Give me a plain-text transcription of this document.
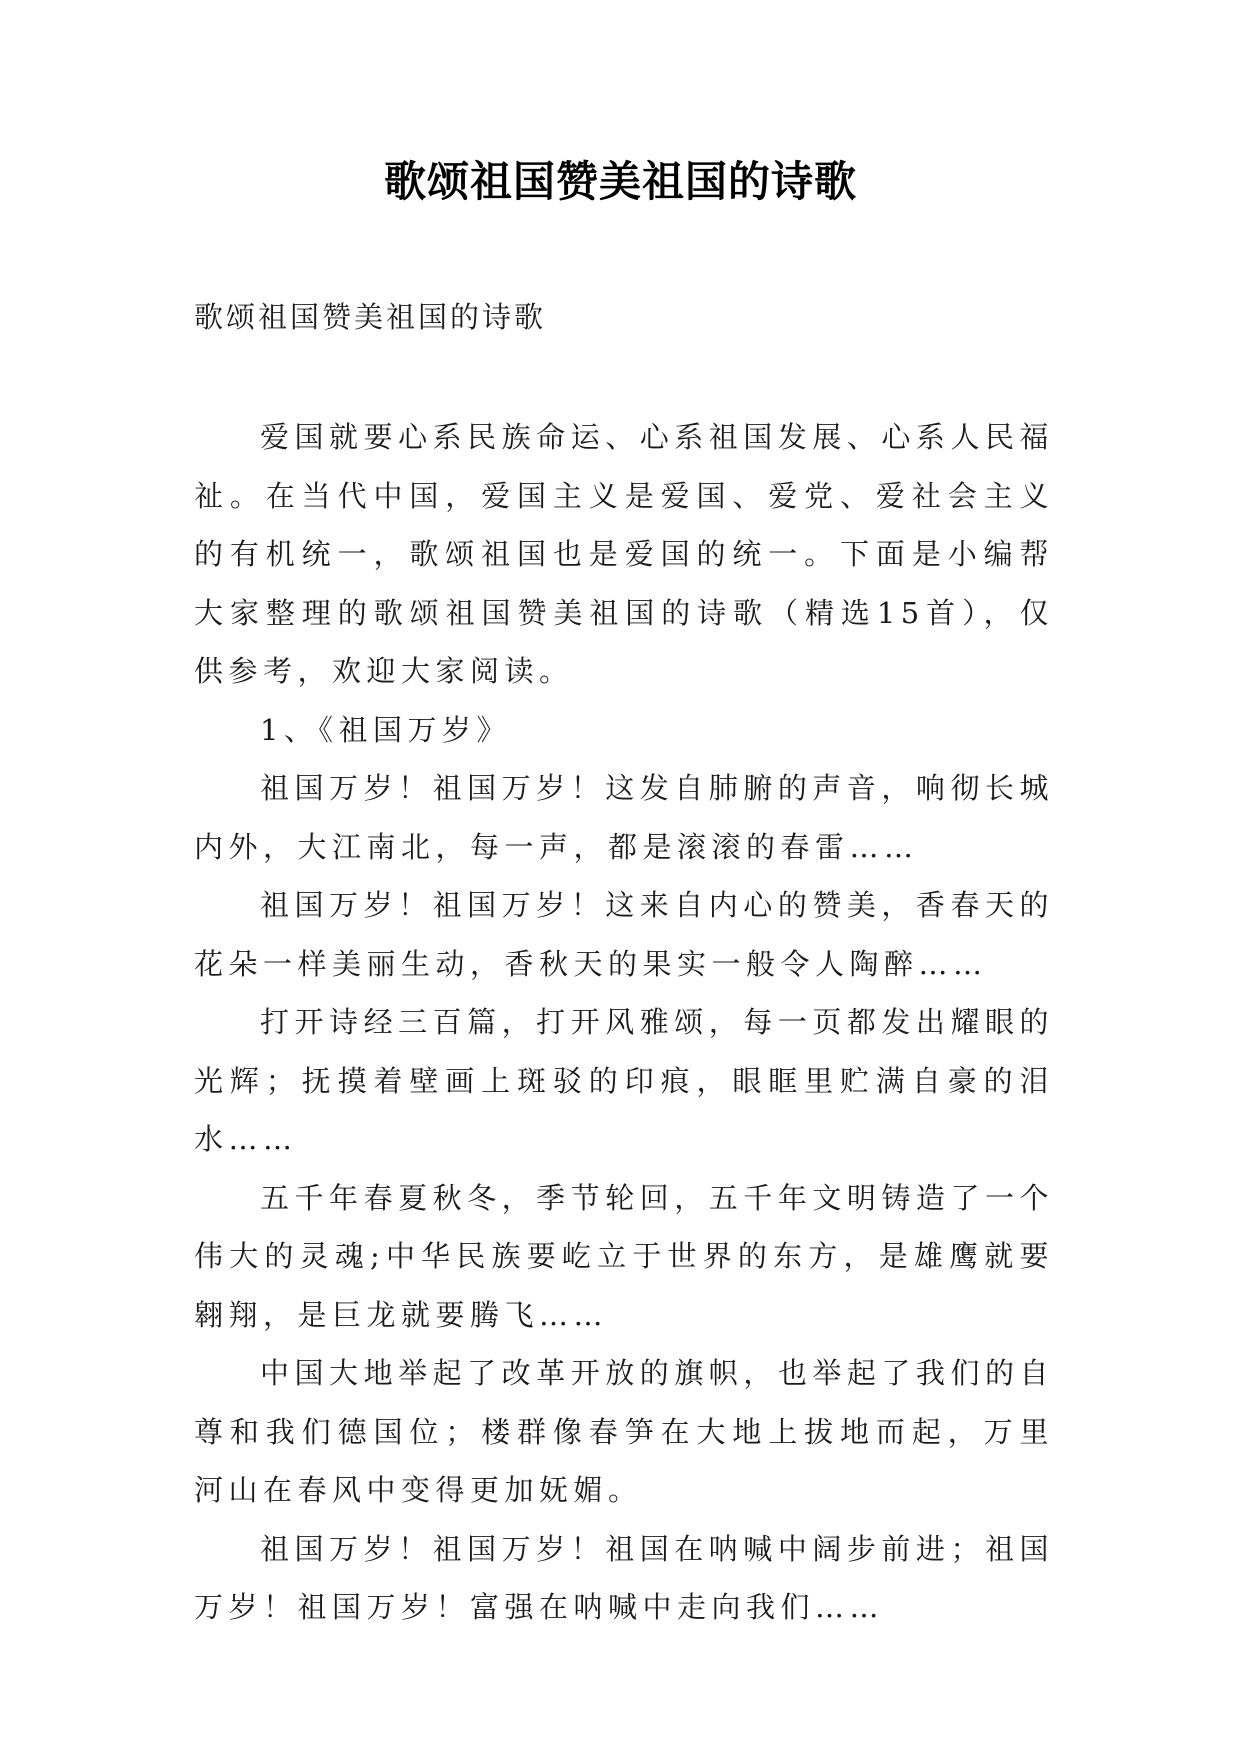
歌颂祖国赞美祖国的诗歌

歌颂祖国赞美祖国的诗歌

爱国就要心系民族命运、心系祖国发展、心系人民福祉。在当代中国，爱国主义是爱国、爱党、爱社会主义的有机统一，歌颂祖国也是爱国的统一。下面是小编帮大家整理的歌颂祖国赞美祖国的诗歌（精选15首），仅供参考，欢迎大家阅读。

1、《祖国万岁》

祖国万岁！祖国万岁！这发自肺腑的声音，响彻长城内外，大江南北，每一声，都是滚滚的春雷……

祖国万岁！祖国万岁！这来自内心的赞美，香春天的花朵一样美丽生动，香秋天的果实一般令人陶醉……

打开诗经三百篇，打开风雅颂，每一页都发出耀眼的光辉；抚摸着壁画上斑驳的印痕，眼眶里贮满自豪的泪水……

五千年春夏秋冬，季节轮回，五千年文明铸造了一个伟大的灵魂;中华民族要屹立于世界的东方，是雄鹰就要翱翔，是巨龙就要腾飞……

中国大地举起了改革开放的旗帜，也举起了我们的自尊和我们德国位；楼群像春笋在大地上拔地而起，万里河山在春风中变得更加妩媚。

祖国万岁！祖国万岁！祖国在呐喊中阔步前进；祖国万岁！祖国万岁！富强在呐喊中走向我们……
